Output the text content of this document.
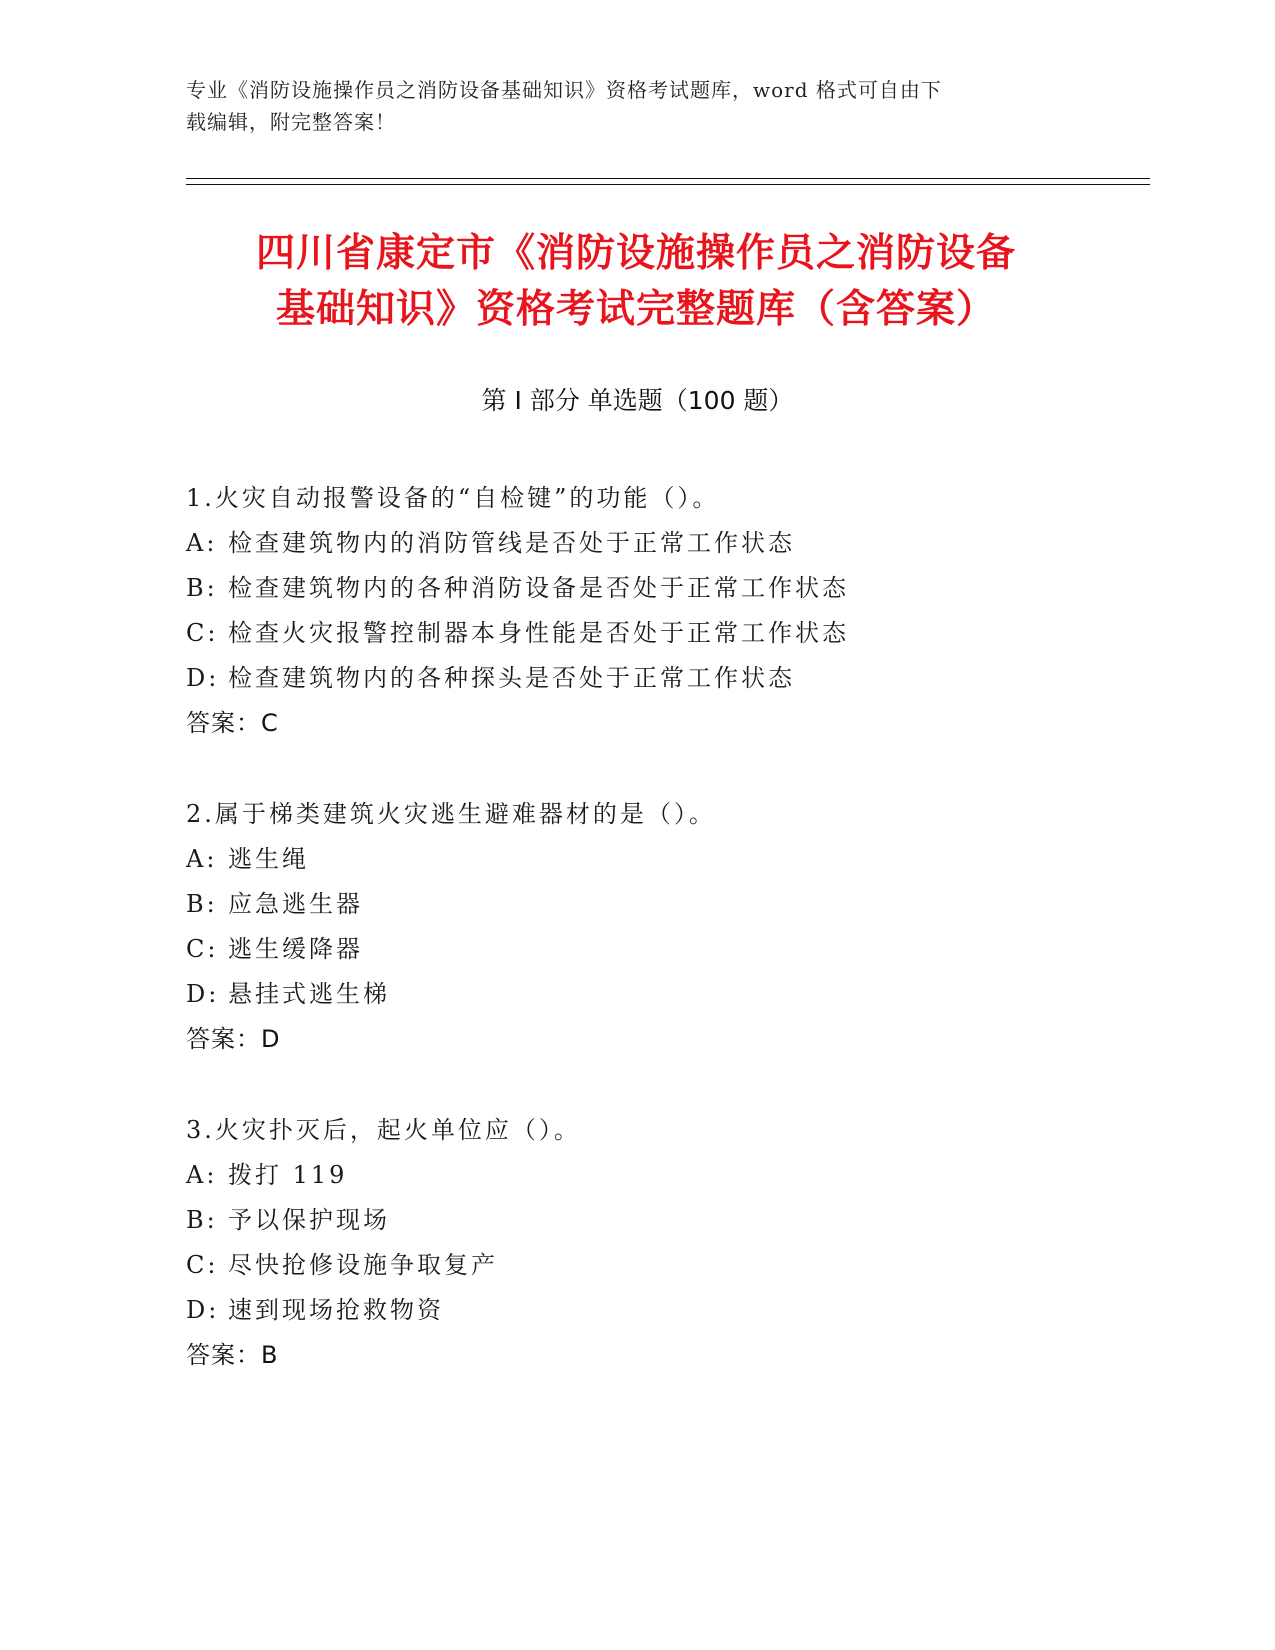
专业《消防设施操作员之消防设备基础知识》资格考试题库，word 格式可自由下
载编辑，附完整答案！
四川省康定市《消防设施操作员之消防设备
基础知识》资格考试完整题库（含答案）
第 I 部分 单选题（100 题）
1.火灾自动报警设备的“自检键”的功能（）。
A: 检查建筑物内的消防管线是否处于正常工作状态
B: 检查建筑物内的各种消防设备是否处于正常工作状态
C: 检查火灾报警控制器本身性能是否处于正常工作状态
D: 检查建筑物内的各种探头是否处于正常工作状态
答案：C
2.属于梯类建筑火灾逃生避难器材的是（）。
A: 逃生绳
B: 应急逃生器
C: 逃生缓降器
D: 悬挂式逃生梯
答案：D
3.火灾扑灭后，起火单位应（）。
A: 拨打 119
B: 予以保护现场
C: 尽快抢修设施争取复产
D: 速到现场抢救物资
答案：B
